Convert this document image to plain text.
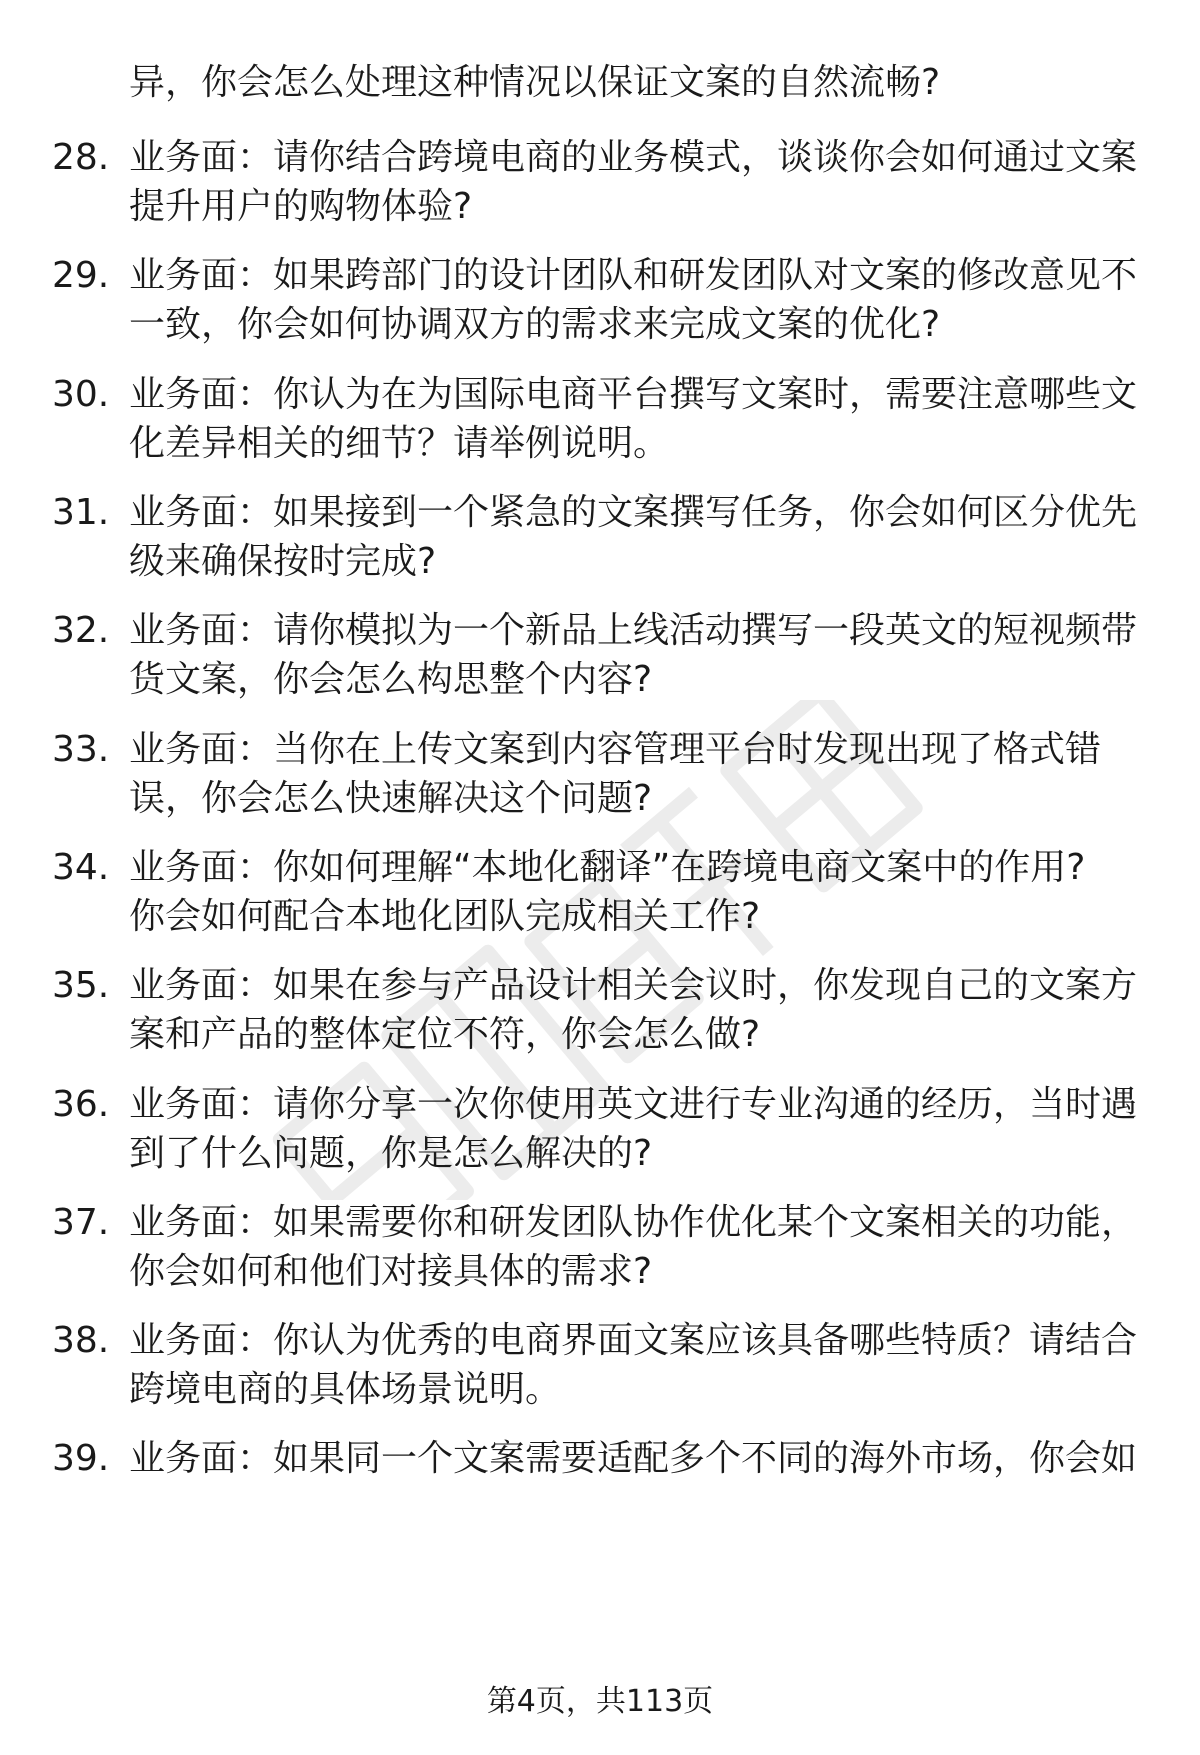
异，你会怎么处理这种情况以保证文案的自然流畅?
28. 业务面：请你结合跨境电商的业务模式，谈谈你会如何通过文案
提升用户的购物体验?
29. 业务面：如果跨部门的设计团队和研发团队对文案的修改意见不
一致，你会如何协调双方的需求来完成文案的优化?
30. 业务面：你认为在为国际电商平台撰写文案时，需要注意哪些文
化差异相关的细节？请举例说明。
31. 业务面：如果接到一个紧急的文案撰写任务，你会如何区分优先
级来确保按时完成?
32. 业务面：请你模拟为一个新品上线活动撰写一段英文的短视频带
货文案，你会怎么构思整个内容?
33. 业务面：当你在上传文案到内容管理平台时发现出现了格式错
误，你会怎么快速解决这个问题?
34. 业务面：你如何理解“本地化翻译”在跨境电商文案中的作用?
你会如何配合本地化团队完成相关工作?
35. 业务面：如果在参与产品设计相关会议时，你发现自己的文案方
案和产品的整体定位不符，你会怎么做?
36. 业务面：请你分享一次你使用英文进行专业沟通的经历，当时遇
到了什么问题，你是怎么解决的?
37. 业务面：如果需要你和研发团队协作优化某个文案相关的功能，
你会如何和他们对接具体的需求?
38. 业务面：你认为优秀的电商界面文案应该具备哪些特质？请结合
跨境电商的具体场景说明。
39. 业务面：如果同一个文案需要适配多个不同的海外市场，你会如
第4页，共113页
